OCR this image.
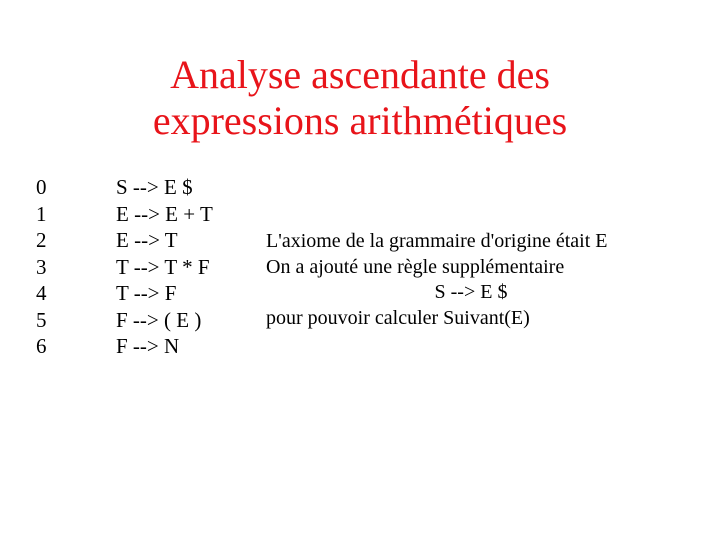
Analyse ascendante des
expressions arithmétiques
0
1
2
3
4
5
6
S --> E $
E --> E + T
E --> T
T --> T * F
T --> F
F --> ( E )
F --> N
L'axiome de la grammaire d'origine était E
On a ajouté une règle supplémentaire
S --> E $
pour pouvoir calculer Suivant(E)
